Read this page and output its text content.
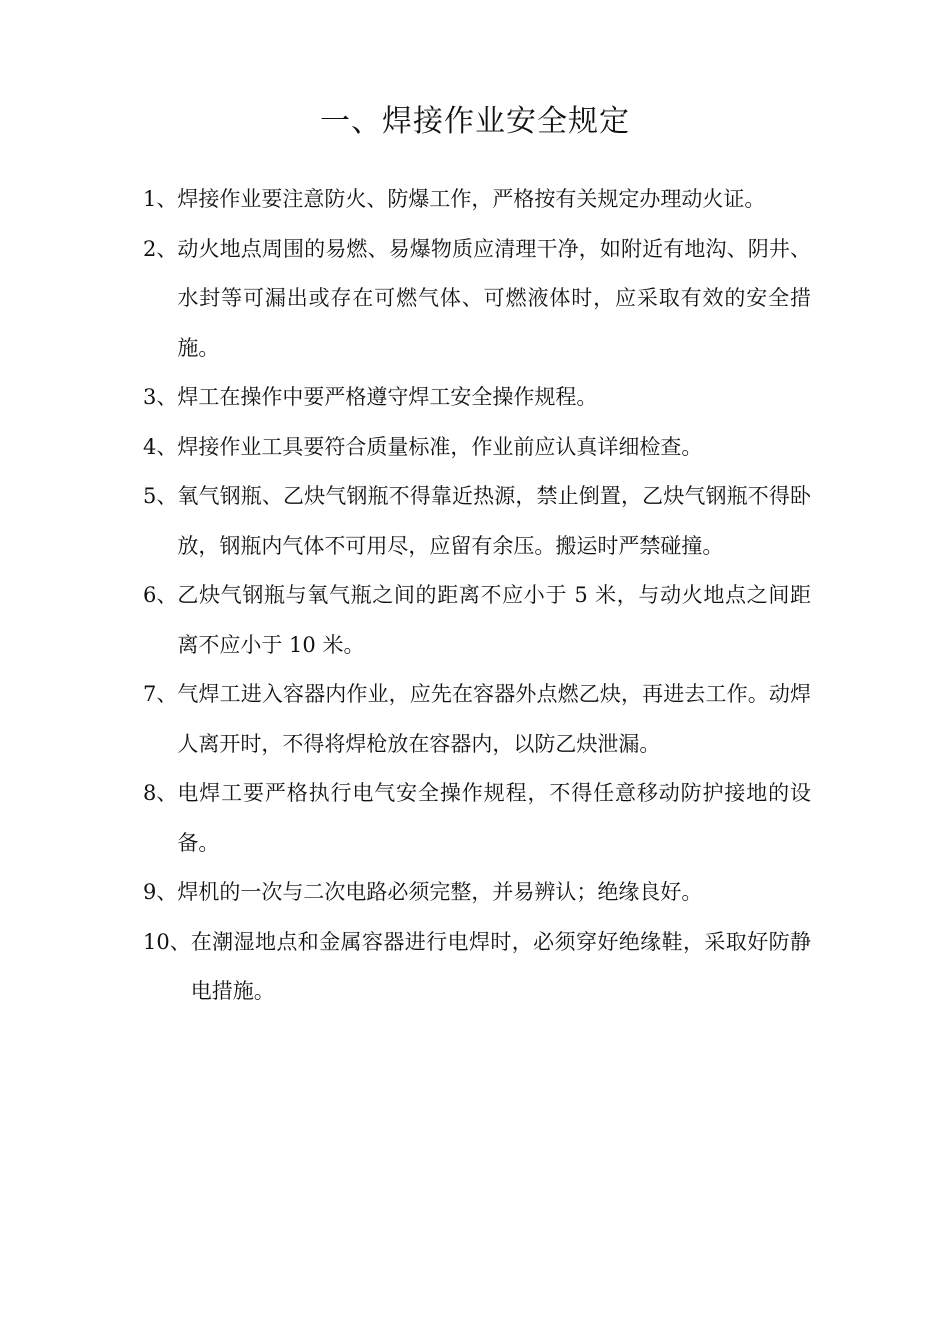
一、焊接作业安全规定
1、 焊接作业要注意防火、防爆工作，严格按有关规定办理动火证。
2、 动火地点周围的易燃、易爆物质应清理干净，如附近有地沟、阴井、水封等可漏出或存在可燃气体、可燃液体时，应采取有效的安全措施。
3、 焊工在操作中要严格遵守焊工安全操作规程。
4、 焊接作业工具要符合质量标准，作业前应认真详细检查。
5、 氧气钢瓶、乙炔气钢瓶不得靠近热源，禁止倒置，乙炔气钢瓶不得卧放，钢瓶内气体不可用尽，应留有余压。搬运时严禁碰撞。
6、 乙炔气钢瓶与氧气瓶之间的距离不应小于 5 米，与动火地点之间距离不应小于 10 米。
7、 气焊工进入容器内作业，应先在容器外点燃乙炔，再进去工作。动焊人离开时，不得将焊枪放在容器内，以防乙炔泄漏。
8、 电焊工要严格执行电气安全操作规程，不得任意移动防护接地的设备。
9、 焊机的一次与二次电路必须完整，并易辨认；绝缘良好。
10、 在潮湿地点和金属容器进行电焊时，必须穿好绝缘鞋，采取好防静电措施。
